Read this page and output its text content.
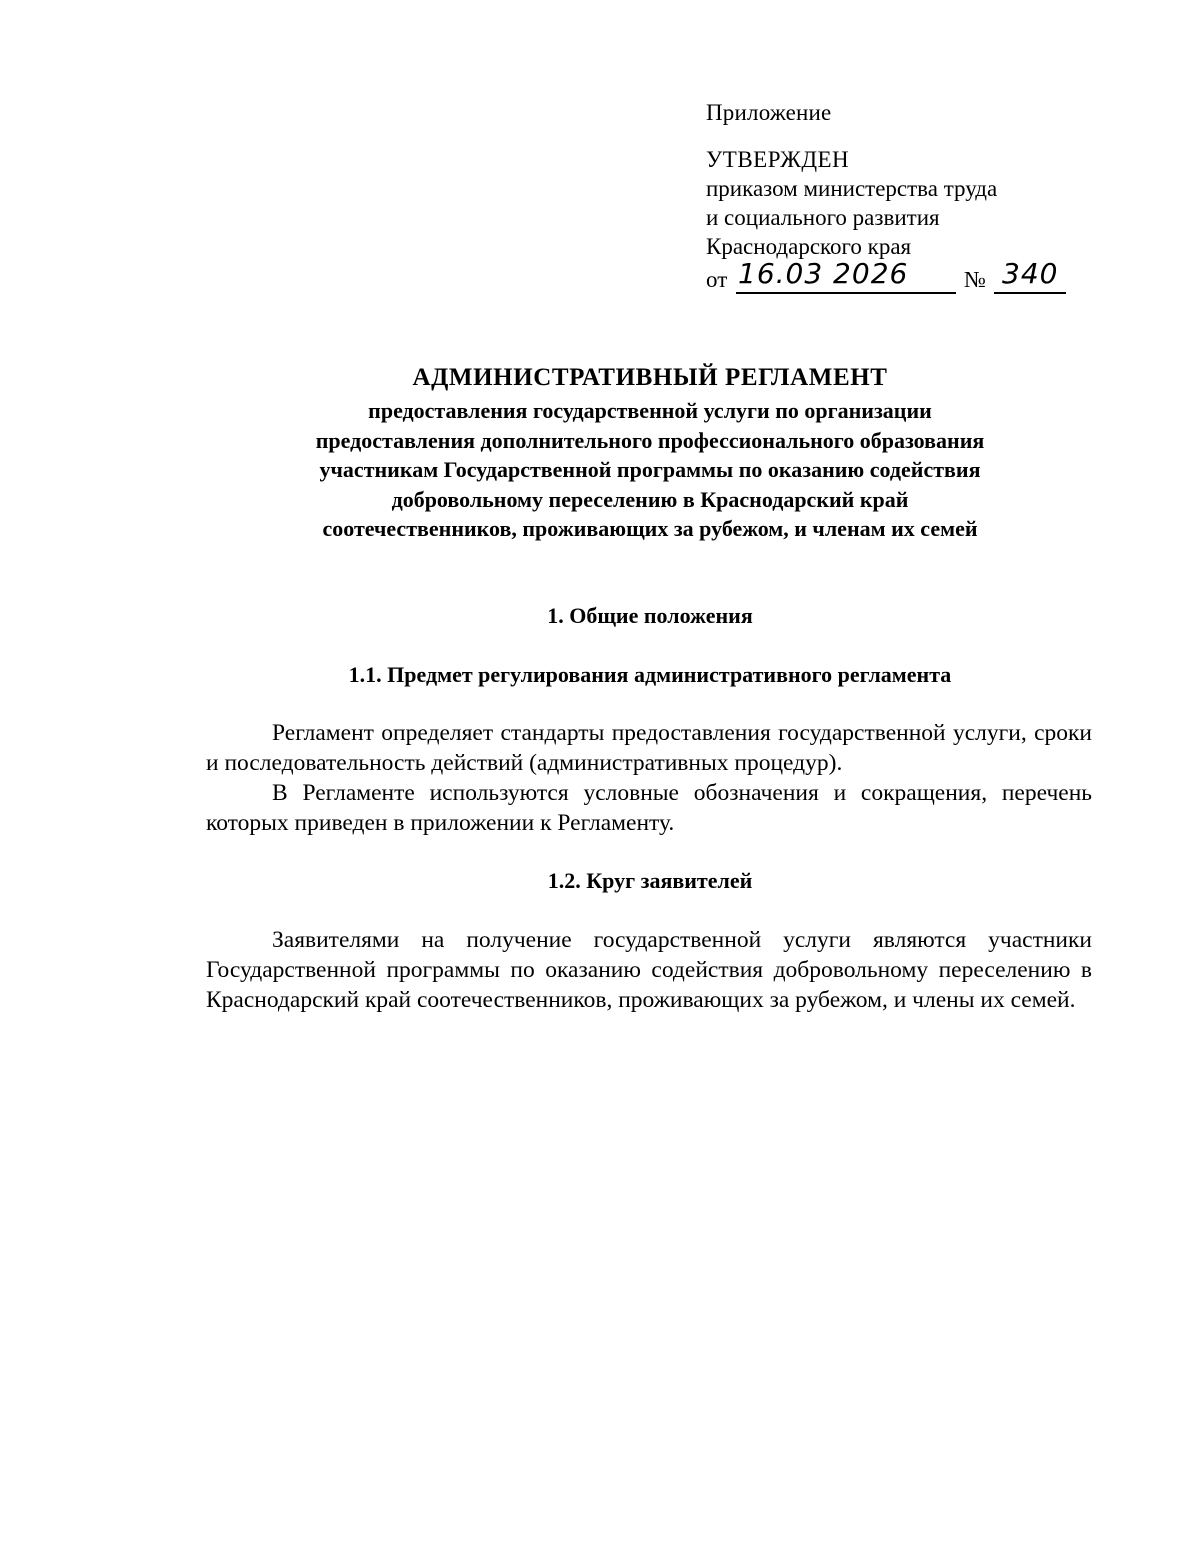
Приложение
УТВЕРЖДЕН
приказом министерства труда
и социального развития
Краснодарского края
от 16.03 2026	№ 340
АДМИНИСТРАТИВНЫЙ РЕГЛАМЕНТ
предоставления государственной услуги по организации предоставления дополнительного профессионального образования участникам Государственной программы по оказанию содействия добровольному переселению в Краснодарский край соотечественников, проживающих за рубежом, и членам их семей
1. Общие положения
1.1. Предмет регулирования административного регламента

Регламент определяет стандарты предоставления государственной услуги, сроки и последовательность действий (административных процедур).

В Регламенте используются условные обозначения и сокращения, перечень которых приведен в приложении к Регламенту.

1.2. Круг заявителей

Заявителями на получение государственной услуги являются участники Государственной программы по оказанию содействия добровольному переселению в Краснодарский край соотечественников, проживающих за рубежом, и члены их семей.
